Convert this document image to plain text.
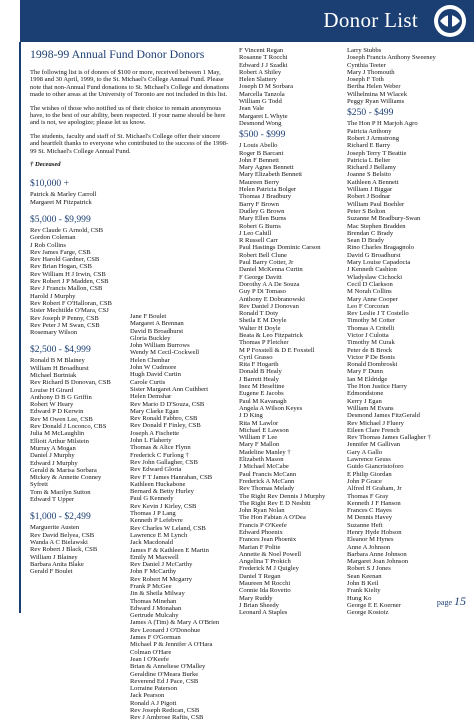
Donor List
1998-99 Annual Fund Donor Donors
The following list is of donors of $100 or more, received between 1 May, 1998 and 30 April, 1999, to the St. Michael's College Annual Fund. Please note that non-Annual Fund donations to St. Michael's College and donations made to other areas at the University of Toronto are not included in this list.
The wishes of those who notified us of their choice to remain anonymous have, to the best of our ability, been respected. If your name should be here and is not, we apologize; please let us know.
The students, faculty and staff of St. Michael's College offer their sincere and heartfelt thanks to everyone who contributed to the success of the 1998-99 St. Michael's College Annual Fund.
† Deceased
$10,000 +
Patrick & Marley Carroll
Margaret M Fitzpatrick
$5,000 - $9,999
Rev Claude G Arnold, CSB
Gordon Coleman
J Rob Collins
Rev James Farge, CSB
Rev Harold Gardner, CSB
Rev Brian Hogan, CSB
Rev William H J Irwin, CSB
Rev Robert J P Madden, CSB
Rev J Francis Mallon, CSB
Harold J Murphy
Rev Robert F O'Halloran, CSB
Sister Mechtilde O'Mara, CSJ
Rev Joseph P Penny, CSB
Rev Peter J M Swan, CSB
Rosemary Wilson
$2,500 - $4,999
Ronald B M Blainey
William H Broadhurst
Michael Burtniak
Rev Richard B Donovan, CSB
Louise H Girard
Anthony D B G Griffin
Robert W Heary
Edward P D Kerwin
Rev M Owen Lee, CSB
Rev Donald J Loconco, CBS
Julia M McLaughlin
Elliott Arthur Milstein
Murray A Mogan
Daniel J Murphy
Edward J Murphy
Gerald & Marisa Sorbara
Mickey & Annette Conney
Syfrett
Tom & Marilyn Sutton
Edward T Upper
$1,000 - $2,499
Marguerite Austen
Rev David Belyea, CSB
Wanda A C Bielawski
Rev Robert J Black, CSB
William J Blainey
Barbara Anita Blake
Gerald F Boulet
Jane F Boulet
Margaret A Brennan
David B Broadhurst
Gloria Buckley
John William Burrows
Wendy M Cecil-Cockwell
Helen Chenhar
John W Cudmore
Hugh David Curtin
Carole Curtis
Sister Margaret Ann Cuthbert
Helen Demshar
Rev Mario D D'Souza, CSB
Mary Clarke Egan
Rev Ronald Fabbro, CSB
Rev Donald F Finley, CSB
Joseph A Fischette
John L Flaherty
Thomas & Alice Flynn
Frederick C Furlong †
Rev John Gallagher, CSB
Rev Edward Gloria
Rev F T James Hanrahan, CSB
Kathleen Huckabone
Bernard & Betty Hurley
Paul G Kennedy
Rev Kevin J Kirley, CSB
Thomas J P Lang
Kenneth P Lefebvre
Rev Charles W Leland, CSB
Lawrence E M Lynch
Jack Macdonald
James F & Kathleen E Martin
Emily M Maxwell
Rev Daniel J McCarthy
John F McCarthy
Rev Robert M Mcgarry
Frank P McGee
Jin & Sheila Milway
Thomas Minehan
Edward J Monahan
Gertrude Mulcahy
James A (Tim) & Mary A O'Brien
Rev Leonard J O'Donohue
James F O'Gorman
Michael P & Jennifer A O'Hara
Colman O'Hare
Jean I O'Keefe
Brian & Anneliese O'Malley
Geraldine O'Meara Burke
Reverend Ed J Pace, CSB
Lorraine Paterson
Jack Pearson
Ronald A J Pigott
Rev Joseph Redican, CSB
Rev J Ambrose Raftis, CSB
F Vincent Regan
Rosanne T Rocchi
Edward J J Szadki
Robert A Shiley
Helen Slattery
Joseph D M Sorbara
Marcella Tanzola
William G Todd
Jean Vale
Margaret L Whyte
Desmond Wong
$500 - $999
J Louis Abello
Roger B Barcant
John F Bennett
Mary Agnes Bennett
Mary Elizabeth Bennett
Maureen Berry
Helen Patricia Bolger
Thomas J Bradbury
Barry F Brown
Dudley G Brown
Mary Ellen Burns
Robert G Burns
J Leo Cahill
R Russell Carr
Paul Hastings Dominic Carson
Robert Bell Clune
Paul Barry Cotter, Jr
Daniel McKenna Curtin
F George Davitt
Dorothy A A De Souza
Guy P Di Tomaso
Anthony E Dobranowski
Rev Daniel J Donovan
Ronald T Doty
Sheila E M Doyle
Walter H Doyle
Beata & Leo Fitzpatrick
Thomas P Fletcher
M P Foxstell & D E Foxstell
Cyril Grasso
Rita F Hogarth
Donald B Healy
J Barrett Healy
Inez M Heseltine
Eugene E Jacobs
Paul M Kavanagh
Angela A Wilson Keyes
J D King
Rita M Lawlor
Michael E Lawson
William F Lee
Mary F Mallon
Madeline Manley †
Elizabeth Mason
J Michael McCabe
Paul Francis McCann
Frederick A McCann
Rev Thomas Melady
The Right Rev Dennis J Murphy
The Right Rev E D Nesbitt
John Ryan Nolan
The Hon Fabian A O'Dea
Francis P O'Keefe
Edward Phoenix
Frances Jean Phoenix
Marian F Polite
Annette & Noel Powell
Angelina T Prokich
Frederick M J Quigley
Daniel T Regan
Maureen M Rocchi
Connie Ida Rovetto
Mary Ruddy
J Brian Sheedy
Leonard A Staples
Larry Stubbs
Joseph Francis Anthony Sweeney
Cynthia Teeter
Mary J Thomouth
Joseph F Toth
Bertha Helen Weber
Wilhelmina M Wlacek
Peggy Ryan Williams
$250 - $499
The Hon P H Marjoh Agro
Patricia Anthony
Robert J Armstrong
Richard E Barry
Joseph Terry T Beattie
Patricia L Belier
Richard J Bellamy
Joanne S Belsito
Kathleen A Bennett
William J Biggar
Robert J Bodnar
William Paul Boehler
Peter S Bolton
Suzanne M Bradbury-Swan
Mac Stephen Bradden
Brendan C Brady
Sean D Brady
Rino Charles Bragagnolo
David G Broadhurst
Mary Louise Capadocia
J Kenneth Cashion
Wladyslaw Cichocki
Cecil D Clarkson
M Norah Collins
Mary Anne Cooper
Leo F Corcoran
Rev Leslie J T Costello
Timothy M Cotter
Thomas A Critelli
Victor J Culotta
Timothy M Curak
Peter de B Brock
Victor P De Bonis
Ronald Dombroski
Mary F Dunn
Ian M Eldridge
The Hon Justice Harry
Edmondstone
Kerry J Egan
William M Evans
Desmond James FitzGerald
Rev Michael J Fluery
Eileen Clare French
Rev Thomas James Gallagher †
Jennifer M Gallivan
Gary A Gallo
Lawrence Geuss
Guido Giancristoforo
E Philip Giordan
John P Grace
Alfred H Graham, Jr
Thomas F Gray
Kenneth J F Hanson
Frances C Hayes
M Dennis Havey
Suzanne Heft
Henry Hyde Hobson
Eleanor M Hynes
Anne A Johnson
Barbara Anne Johnson
Margaret Joan Johnson
Robert S J Jones
Sean Keenan
John B Keil
Frank Kielty
Hung Ko
George E E Koerner
George Kostoiz
page 15
